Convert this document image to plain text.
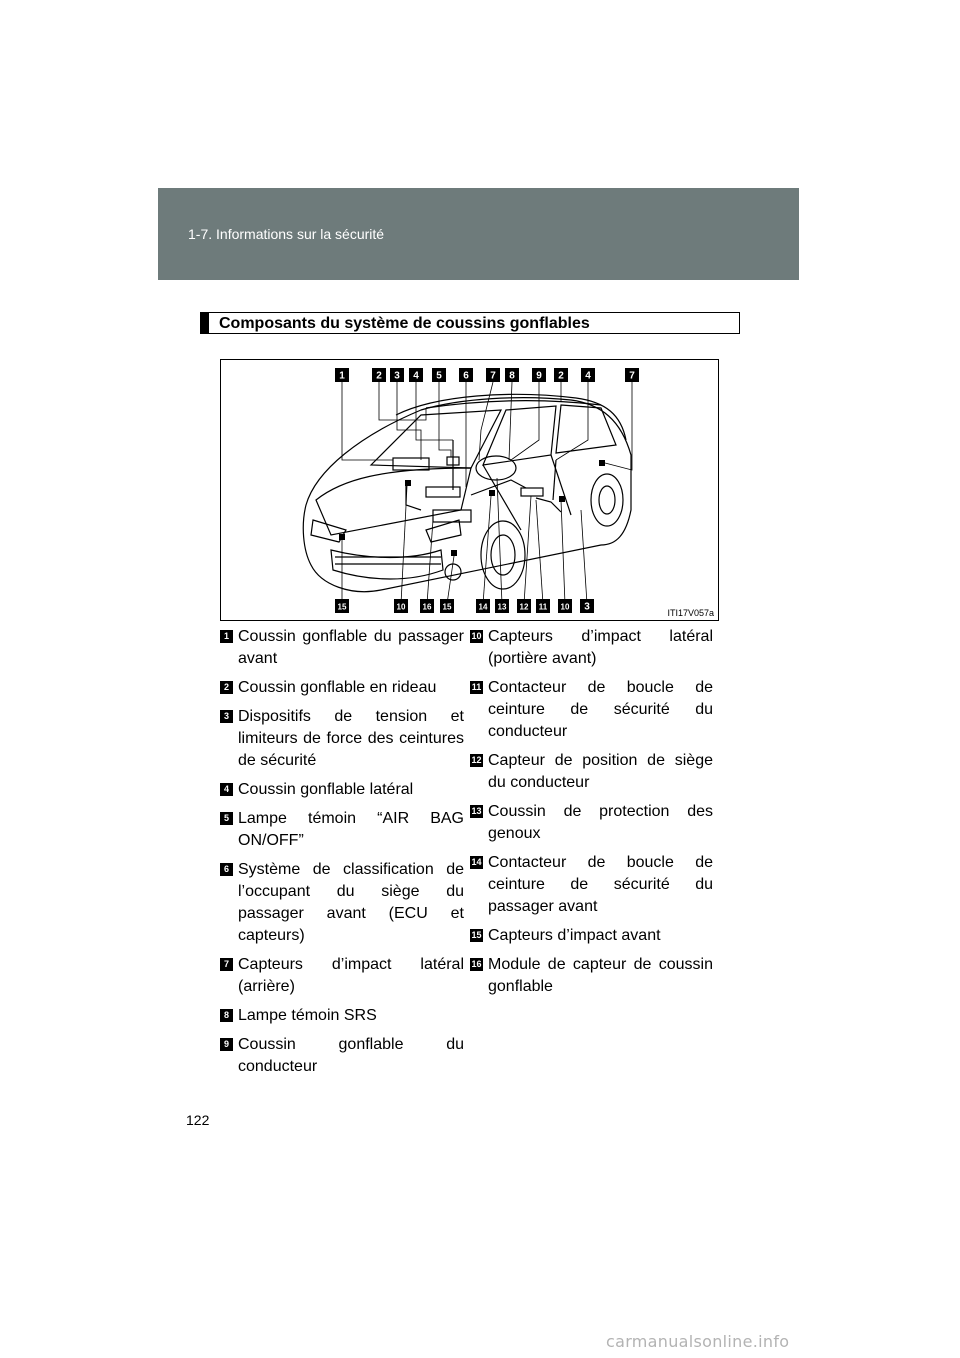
1-7. Informations sur la sécurité
Composants du système de coussins gonflables
1	2 3 4 5 6 7 8 9 2 4	7
15	10 16 15	14 13 12 11 10 3
ITI17V057a
1 Coussin gonflable du passager avant
2 Coussin gonflable en rideau
3 Dispositifs de tension et limiteurs de force des ceintures de sécurité
4 Coussin gonflable latéral
5 Lampe témoin “AIR BAG ON/OFF”
6 Système de classification de l’occupant du siège du passager avant (ECU et capteurs)
7 Capteurs d’impact latéral (arrière)
8 Lampe témoin SRS
9 Coussin gonflable du conducteur
10 Capteurs d’impact latéral (portière avant)
11 Contacteur de boucle de ceinture de sécurité du conducteur
12 Capteur de position de siège du conducteur
13 Coussin de protection des genoux
14 Contacteur de boucle de ceinture de sécurité du passager avant
15 Capteurs d’impact avant
16 Module de capteur de coussin gonflable
122
carmanualsonline.info
